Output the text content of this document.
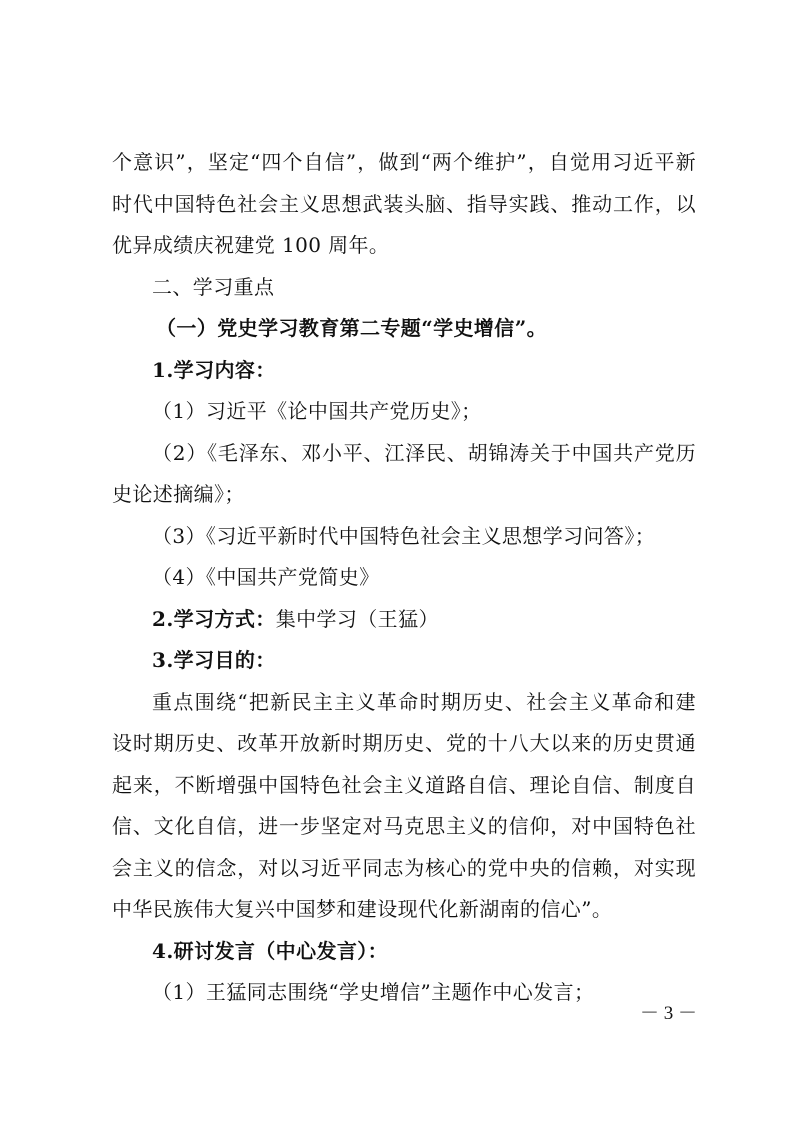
个意识”，坚定“四个自信”，做到“两个维护”，自觉用习近平新
时代中国特色社会主义思想武装头脑、指导实践、推动工作，以
优异成绩庆祝建党 100 周年。
二、学习重点
（一）党史学习教育第二专题“学史增信”。
1.学习内容：
（1）习近平《论中国共产党历史》；
（2）《毛泽东、邓小平、江泽民、胡锦涛关于中国共产党历
史论述摘编》；
（3）《习近平新时代中国特色社会主义思想学习问答》；
（4）《中国共产党简史》
2.学习方式：集中学习（王猛）
3.学习目的：
重点围绕“把新民主主义革命时期历史、社会主义革命和建
设时期历史、改革开放新时期历史、党的十八大以来的历史贯通
起来，不断增强中国特色社会主义道路自信、理论自信、制度自
信、文化自信，进一步坚定对马克思主义的信仰，对中国特色社
会主义的信念，对以习近平同志为核心的党中央的信赖，对实现
中华民族伟大复兴中国梦和建设现代化新湖南的信心”。
4.研讨发言（中心发言）：
（1）王猛同志围绕“学史增信”主题作中心发言；
－ 3 －
